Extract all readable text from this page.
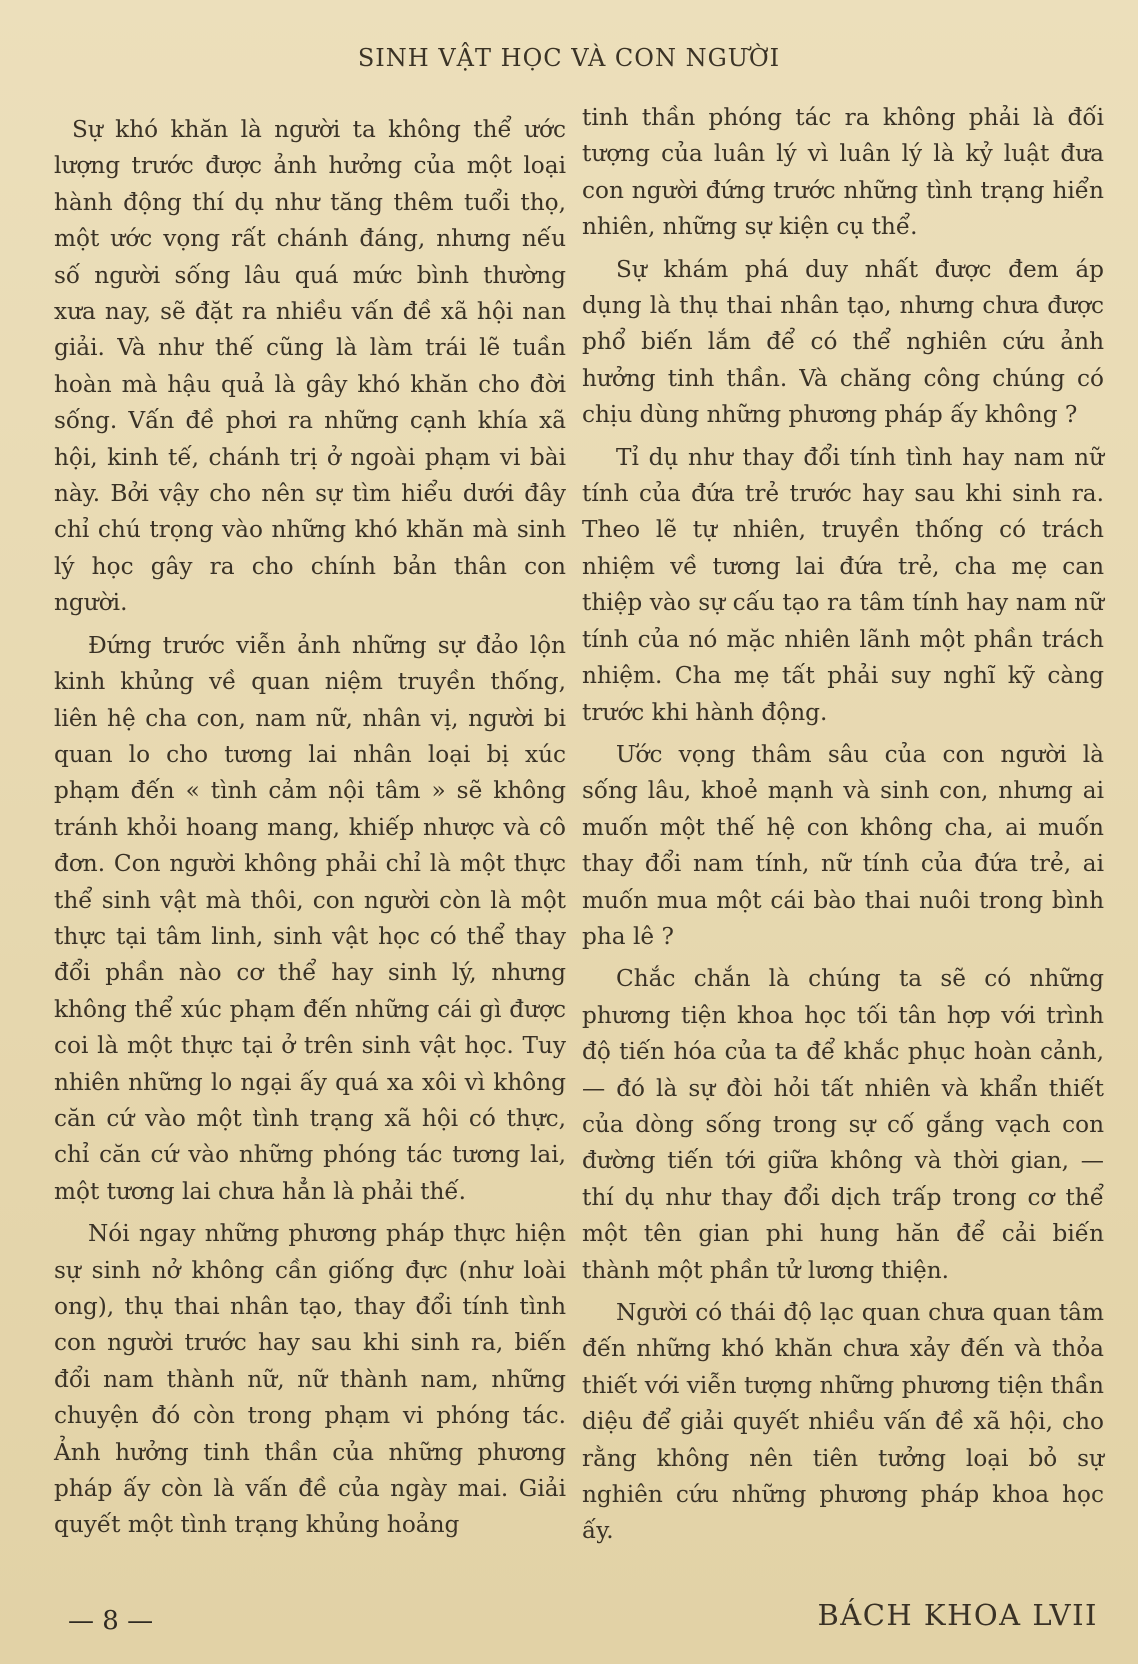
SINH VẬT HỌC VÀ CON NGƯỜI

Sự khó khăn là người ta không thể ước lượng trước được ảnh hưởng của một loại hành động thí dụ như tăng thêm tuổi thọ, một ước vọng rất chánh đáng, nhưng nếu số người sống lâu quá mức bình thường xưa nay, sẽ đặt ra nhiều vấn đề xã hội nan giải. Và như thế cũng là làm trái lẽ tuần hoàn mà hậu quả là gây khó khăn cho đời sống. Vấn đề phơi ra những cạnh khía xã hội, kinh tế, chánh trị ở ngoài phạm vi bài này. Bởi vậy cho nên sự tìm hiểu dưới đây chỉ chú trọng vào những khó khăn mà sinh lý học gây ra cho chính bản thân con người.

Đứng trước viễn ảnh những sự đảo lộn kinh khủng về quan niệm truyền thống, liên hệ cha con, nam nữ, nhân vị, người bi quan lo cho tương lai nhân loại bị xúc phạm đến « tình cảm nội tâm » sẽ không tránh khỏi hoang mang, khiếp nhược và cô đơn. Con người không phải chỉ là một thực thể sinh vật mà thôi, con người còn là một thực tại tâm linh, sinh vật học có thể thay đổi phần nào cơ thể hay sinh lý, nhưng không thể xúc phạm đến những cái gì được coi là một thực tại ở trên sinh vật học. Tuy nhiên những lo ngại ấy quá xa xôi vì không căn cứ vào một tình trạng xã hội có thực, chỉ căn cứ vào những phóng tác tương lai, một tương lai chưa hẳn là phải thế.

Nói ngay những phương pháp thực hiện sự sinh nở không cần giống đực (như loài ong), thụ thai nhân tạo, thay đổi tính tình con người trước hay sau khi sinh ra, biến đổi nam thành nữ, nữ thành nam, những chuyện đó còn trong phạm vi phóng tác. Ảnh hưởng tinh thần của những phương pháp ấy còn là vấn đề của ngày mai. Giải quyết một tình trạng khủng hoảng

tinh thần phóng tác ra không phải là đối tượng của luân lý vì luân lý là kỷ luật đưa con người đứng trước những tình trạng hiển nhiên, những sự kiện cụ thể.

Sự khám phá duy nhất được đem áp dụng là thụ thai nhân tạo, nhưng chưa được phổ biến lắm để có thể nghiên cứu ảnh hưởng tinh thần. Và chăng công chúng có chịu dùng những phương pháp ấy không ?

Tỉ dụ như thay đổi tính tình hay nam nữ tính của đứa trẻ trước hay sau khi sinh ra. Theo lẽ tự nhiên, truyền thống có trách nhiệm về tương lai đứa trẻ, cha mẹ can thiệp vào sự cấu tạo ra tâm tính hay nam nữ tính của nó mặc nhiên lãnh một phần trách nhiệm. Cha mẹ tất phải suy nghĩ kỹ càng trước khi hành động.

Ước vọng thâm sâu của con người là sống lâu, khoẻ mạnh và sinh con, nhưng ai muốn một thế hệ con không cha, ai muốn thay đổi nam tính, nữ tính của đứa trẻ, ai muốn mua một cái bào thai nuôi trong bình pha lê ?

Chắc chắn là chúng ta sẽ có những phương tiện khoa học tối tân hợp với trình độ tiến hóa của ta để khắc phục hoàn cảnh, — đó là sự đòi hỏi tất nhiên và khẩn thiết của dòng sống trong sự cố gắng vạch con đường tiến tới giữa không và thời gian, — thí dụ như thay đổi dịch trấp trong cơ thể một tên gian phi hung hăn để cải biến thành một phần tử lương thiện.

Người có thái độ lạc quan chưa quan tâm đến những khó khăn chưa xảy đến và thỏa thiết với viễn tượng những phương tiện thần diệu để giải quyết nhiều vấn đề xã hội, cho rằng không nên tiên tưởng loại bỏ sự nghiên cứu những phương pháp khoa học ấy.

— 8 —	BÁCH KHOA LVII
